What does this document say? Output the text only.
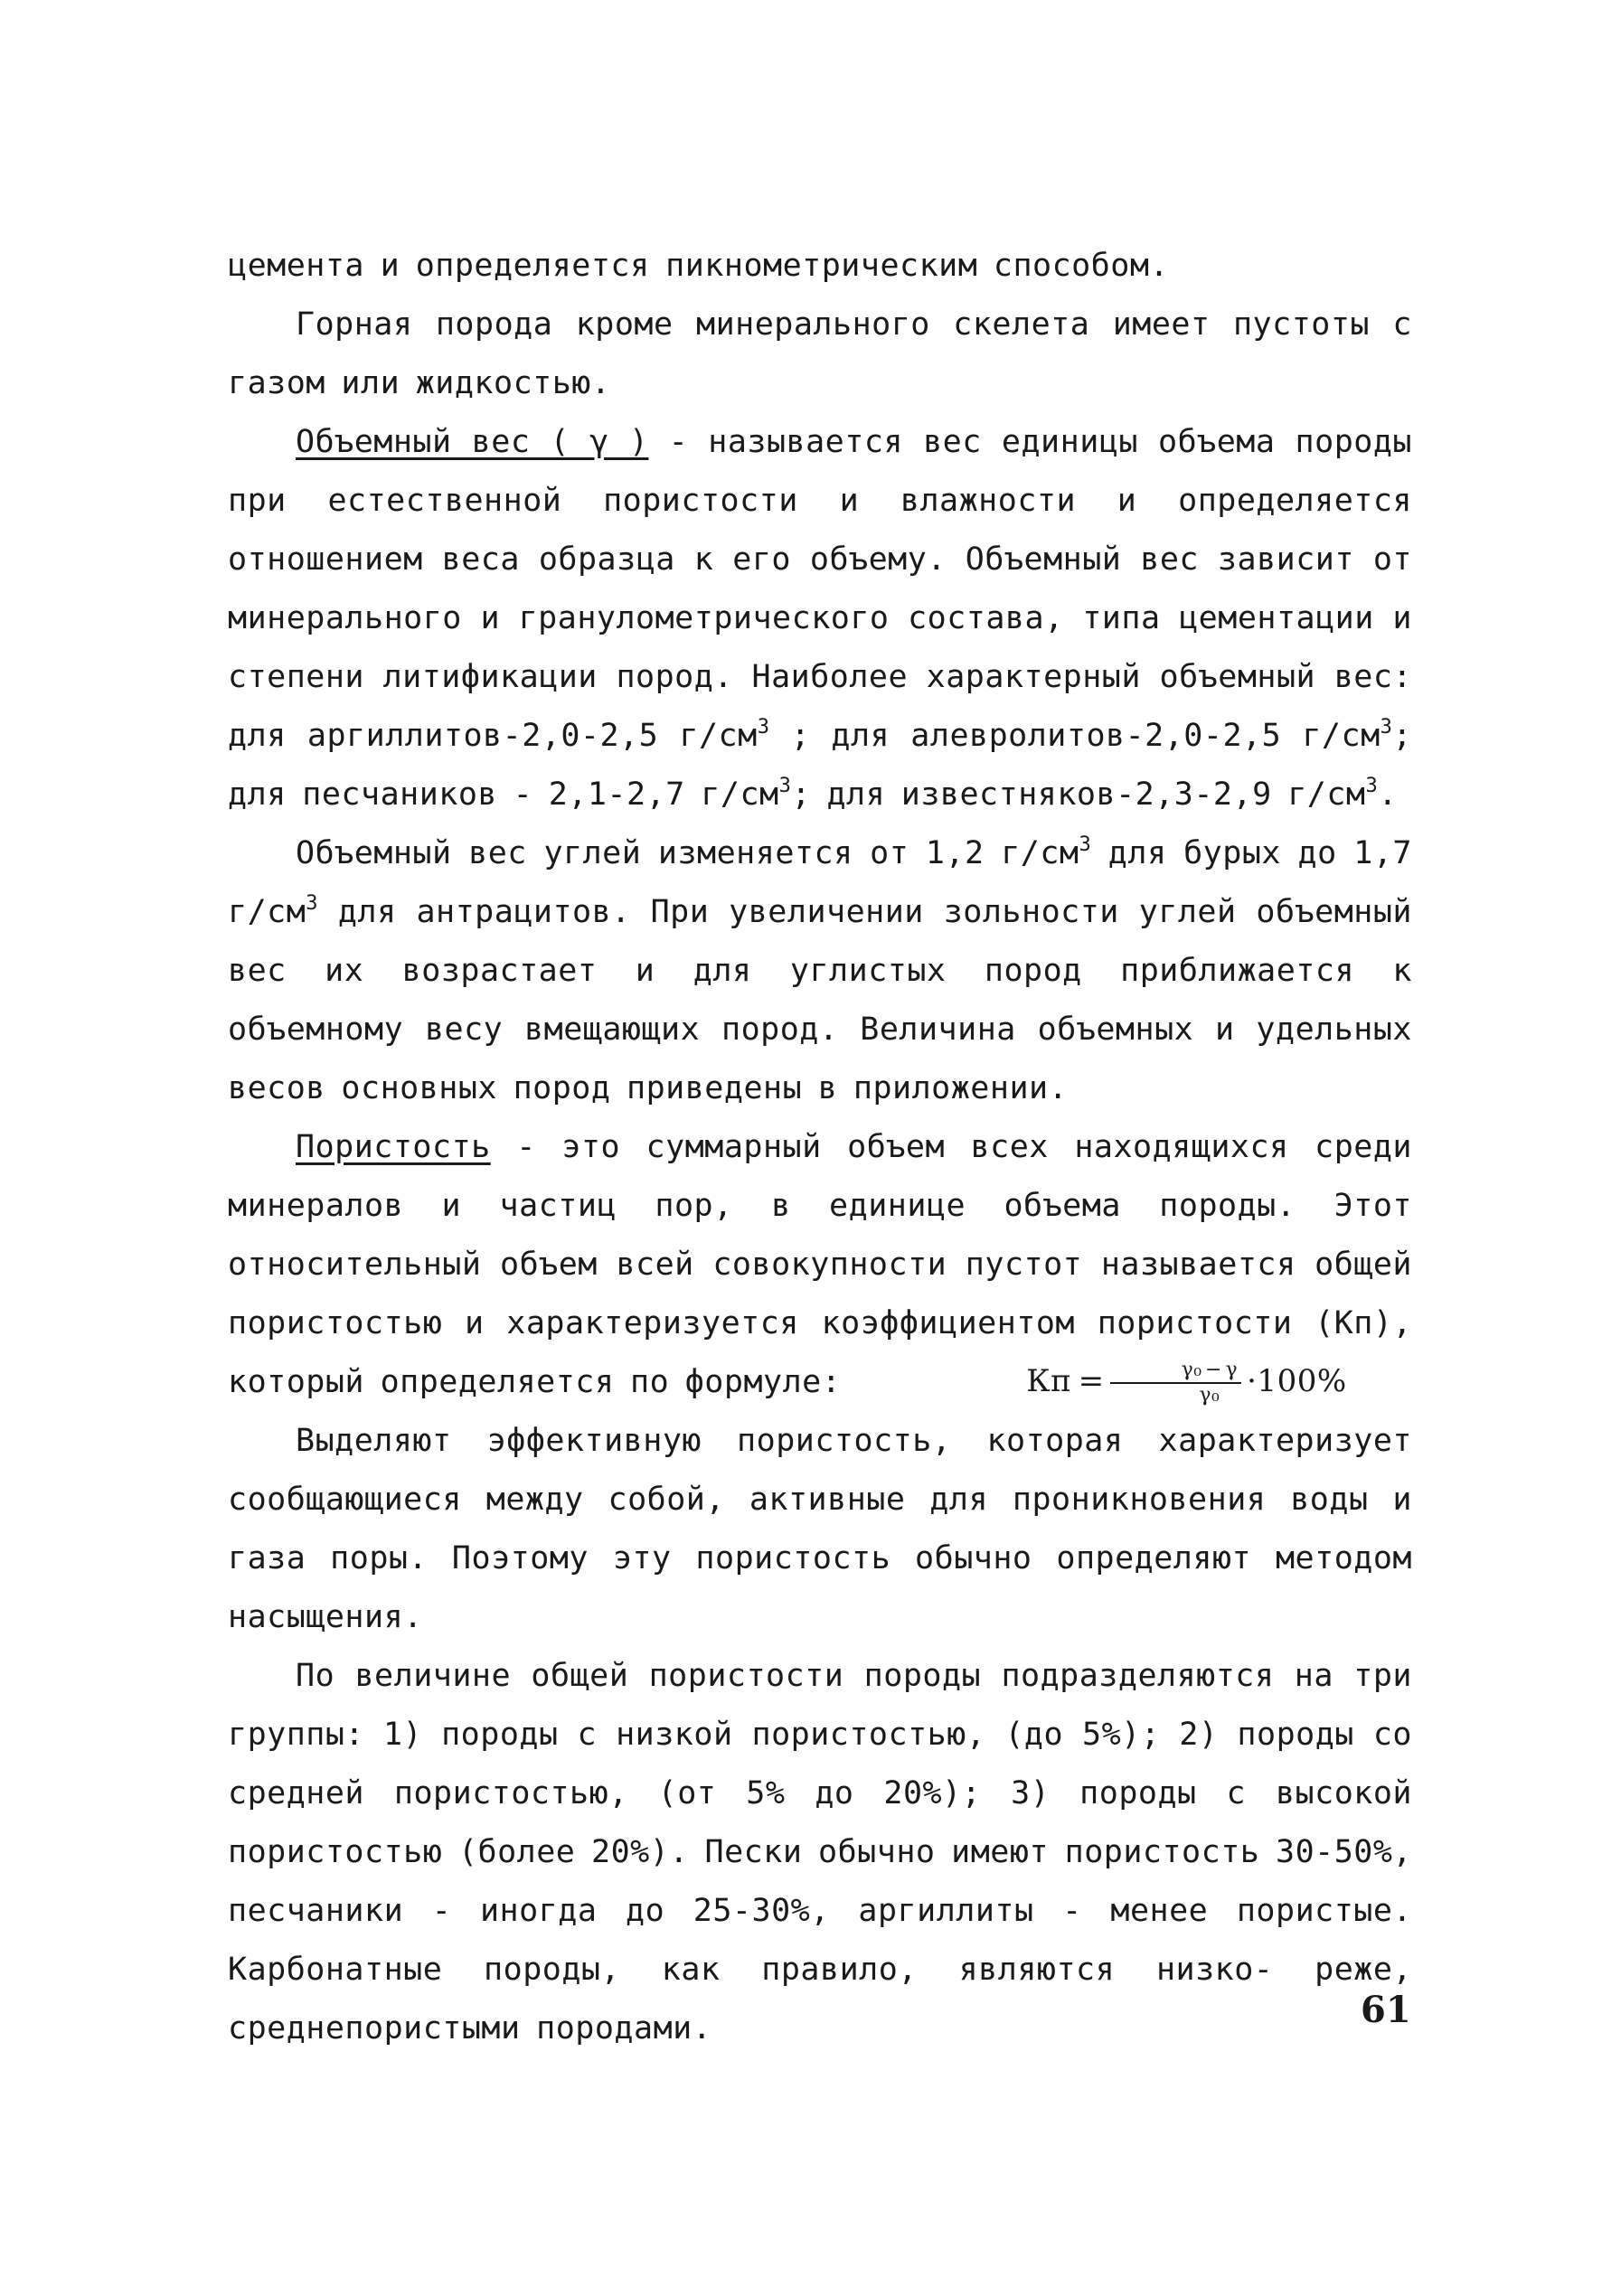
цемента и определяется пикнометрическим способом.

Горная порода кроме минерального скелета имеет пустоты с газом или жидкостью.

Объемный вес ( γ ) - называется вес единицы объема породы при естественной пористости и влажности и определяется отношением веса образца к его объему. Объемный вес зависит от минерального и гранулометрического состава, типа цементации и степени литификации пород. Наиболее характерный объемный вес: для аргиллитов-2,0-2,5 $г/см^3$ ; для алевролитов-2,0-2,5 $г/см^3$; для песчаников - 2,1-2,7 $г/см^3$; для известняков-2,3-2,9 $г/см^3$.

Объемный вес углей изменяется от 1,2 $г/см^3$ для бурых до 1,7 $г/см^3$ для антрацитов. При увеличении зольности углей объемный вес их возрастает и для углистых пород приближается к объемному весу вмещающих пород. Величина объемных и удельных весов основных пород приведены в приложении.

Пористость - это суммарный объем всех находящихся среди минералов и частиц пор, в единице объема породы. Этот относительный объем всей совокупности пустот называется общей пористостью и характеризуется коэффициентом пористости (Кп), который определяется по формуле:	Кп = $\frac{\text{γ₀ − γ}}{\text{γ₀}} \cdot 100\%$

Выделяют эффективную пористость, которая характеризует сообщающиеся между собой, активные для проникновения воды и газа поры. Поэтому эту пористость обычно определяют методом насыщения.

По величине общей пористости породы подразделяются на три группы: 1) породы с низкой пористостью, (до 5%); 2) породы со средней пористостью, (от 5% до 20%); 3) породы с высокой пористостью (более 20%). Пески обычно имеют пористость 30-50%, песчаники - иногда до 25-30%, аргиллиты - менее пористые. Карбонатные породы, как правило, являются низко- реже, среднепористыми породами.	61
